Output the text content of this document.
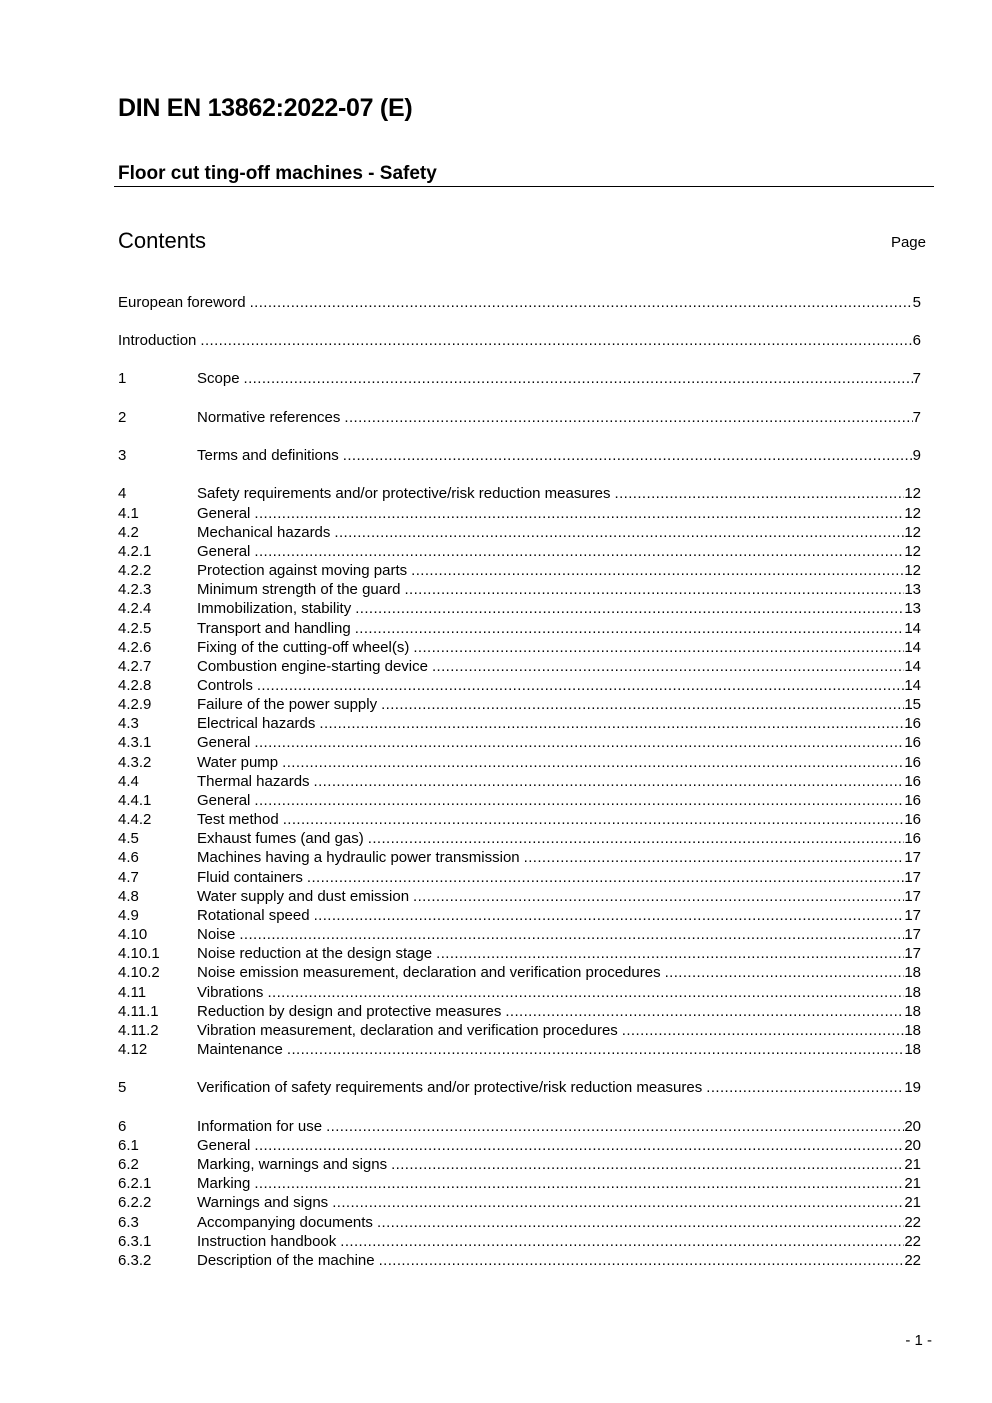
DIN EN 13862:2022-07 (E)
Floor cut ting-off machines - Safety
Contents	Page
European foreword .....	5
Introduction .....	6
1	Scope .....	7
2	Normative references .....	7
3	Terms and definitions .....	9
4	Safety requirements and/or protective/risk reduction measures .....	12
4.1	General .....	12
4.2	Mechanical hazards .....	12
4.2.1	General .....	12
4.2.2	Protection against moving parts .....	12
4.2.3	Minimum strength of the guard .....	13
4.2.4	Immobilization, stability .....	13
4.2.5	Transport and handling .....	14
4.2.6	Fixing of the cutting-off wheel(s) .....	14
4.2.7	Combustion engine-starting device .....	14
4.2.8	Controls .....	14
4.2.9	Failure of the power supply .....	15
4.3	Electrical hazards .....	16
4.3.1	General .....	16
4.3.2	Water pump .....	16
4.4	Thermal hazards .....	16
4.4.1	General .....	16
4.4.2	Test method .....	16
4.5	Exhaust fumes (and gas) .....	16
4.6	Machines having a hydraulic power transmission .....	17
4.7	Fluid containers .....	17
4.8	Water supply and dust emission .....	17
4.9	Rotational speed .....	17
4.10	Noise .....	17
4.10.1	Noise reduction at the design stage .....	17
4.10.2	Noise emission measurement, declaration and verification procedures .....	18
4.11	Vibrations .....	18
4.11.1	Reduction by design and protective measures .....	18
4.11.2	Vibration measurement, declaration and verification procedures .....	18
4.12	Maintenance .....	18
5	Verification of safety requirements and/or protective/risk reduction measures .....	19
6	Information for use .....	20
6.1	General .....	20
6.2	Marking, warnings and signs .....	21
6.2.1	Marking .....	21
6.2.2	Warnings and signs .....	21
6.3	Accompanying documents .....	22
6.3.1	Instruction handbook .....	22
6.3.2	Description of the machine .....	22
- 1 -
